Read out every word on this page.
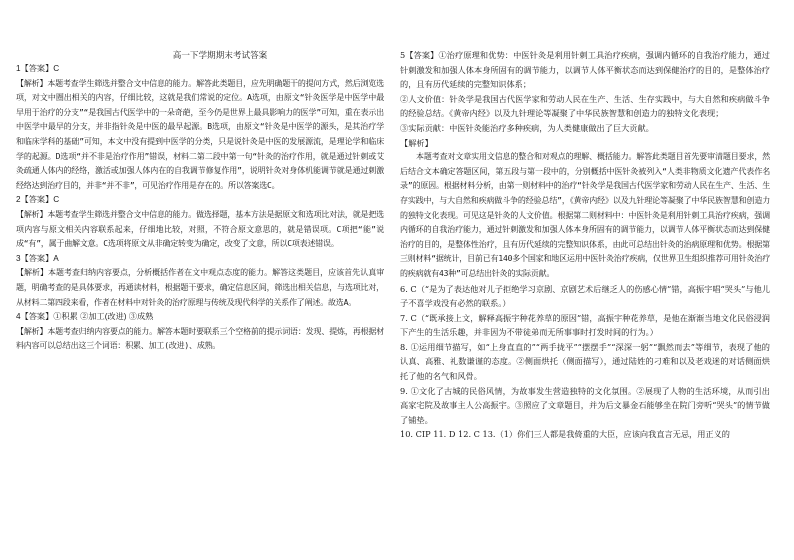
高一下学期期末考试答案
1【答案】C
【解析】本题考查学生筛选并整合文中信息的能力。解答此类题目，应先明确题干的提问方式，然后浏览选项，对文中圈出相关的内容，仔细比较，这就是我们常说的定位。A选项，由原文“针灸医学是中医学中最早用于治疗的分支”“是我国古代医学中的一朵奇葩，至今仍是世界上最具影响力的医学”可知，重在表示出中医学中最早的分支，并非指针灸是中医的最早起源。B选项，由原文“针灸是中医学的源头，是其治疗学和临床学科的基础”可知，本文中没有提到中医学的分类，只是说针灸是中医的发展源流，是理论学和临床学的起源。D选项“并不非是治疗作用”错误，材料二第二段中第一句“针灸的治疗作用，就是通过针刺或艾灸疏通人体内的经络，激活或加强人体内在的自我调节修复作用”，说明针灸对身体机能调节就是通过刺激经络达到治疗目的，并非“并不非”，可见治疗作用是存在的。所以答案选C。
2【答案】C
【解析】本题考查学生筛选并整合文中信息的能力。做选择题，基本方法是据原文和选项比对法，就是把选项内容与原文相关内容联系起来，仔细地比较，对照，不符合原文意思的，就是错误项。C项把“能”说成“有”，属于曲解文意。C选项将原文从非确定转变为确定，改变了文意，所以C项表述错误。
3【答案】A
【解析】本题考查归纳内容要点，分析概括作者在文中观点态度的能力。解答这类题目，应该首先认真审题，明确考查的是具体要求，再通读材料，根据题干要求，确定信息区间，筛选出相关信息，与选项比对，从材料二第四段来看，作者在材料中对针灸的治疗原理与传统及现代科学的关系作了阐述。故选A。
4【答案】①积累 ②加工(改进) ③成熟
【解析】本题考查归纳内容要点的能力。解答本题时要联系三个空格前的提示词语：发现、提炼，再根据材料内容可以总结出这三个词语：积累、加工(改进)、成熟。
5【答案】①治疗原理和优势：中医针灸是利用针刺工具治疗疾病，强调内循环的自我治疗能力，通过针刺激发和加强人体本身所固有的调节能力，以调节人体平衡状态而达到保健治疗的目的，是整体治疗的，且有历代延续的完整知识体系；
②人文价值：针灸学是我国古代医学家和劳动人民在生产、生活、生存实践中，与大自然和疾病做斗争的经验总结。《黄帝内经》以及九针理论等凝聚了中华民族智慧和创造力的独特文化表现；
③实际贡献：中医针灸能治疗多种疾病，为人类健康做出了巨大贡献。
【解析】
本题考查对文章实用文信息的整合和对观点的理解、概括能力。解答此类题目首先要审清题目要求，然后结合文本确定答题区间，第五段与第一段中的，分别概括中医针灸被列入“人类非物质文化遗产代表作名录”的原因。根据材料分析，由第一则材料中的治疗“针灸学是我国古代医学家和劳动人民在生产、生活、生存实践中，与大自然和疾病做斗争的经验总结”，《黄帝内经》以及九针理论等凝聚了中华民族智慧和创造力的独特文化表现。可见这是针灸的人文价值。根据第二则材料中：中医针灸是利用针刺工具治疗疾病，强调内循环的自我治疗能力，通过针刺激发和加强人体本身所固有的调节能力，以调节人体平衡状态而达到保健治疗的目的，是整体性治疗，且有历代延续的完整知识体系，由此可总结出针灸的治病原理和优势。根据第三则材料“据统计，目前已有140多个国家和地区运用中医针灸治疗疾病，仅世界卫生组织推荐可用针灸治疗的疾病就有43种”可总结出针灸的实际贡献。
6. C（“是为了表达他对儿子拒绝学习京剧、京剧艺术后继乏人的伤感心情”错，高振宇唱“哭头”与他儿子不喜学戏没有必然的联系。）
7. C（“既承接上文，解释高振宇种花养草的原因”错，高振宇种花养草，是他在渐渐当地文化民俗浸润下产生的生活乐趣，并非因为不带徒弟而无所事事时打发时间的行为。）
8. ①运用细节描写，如“上身直直的”“两手拢平”“摆摆手”“深深一躬”“飘然而去”等细节，表现了他的认真、高雅、礼数谦谨的态度。②侧面烘托（侧面描写），通过陆姓的刁难和以及老戏迷的对话侧面烘托了他的名气和风骨。
9. ①文化了古城的民俗风情，为故事发生营造独特的文化氛围。②展现了人物的生活环境，从而引出高家宅院及故事主人公高振宇。③照应了文章题目，并为后文暴金石能够坐在院门旁听“哭头”的情节做了铺垫。
10. CIP 11. D 12. C 13.（1）你们三人都是我倚重的大臣，应该向我直言无忌，用正义的
